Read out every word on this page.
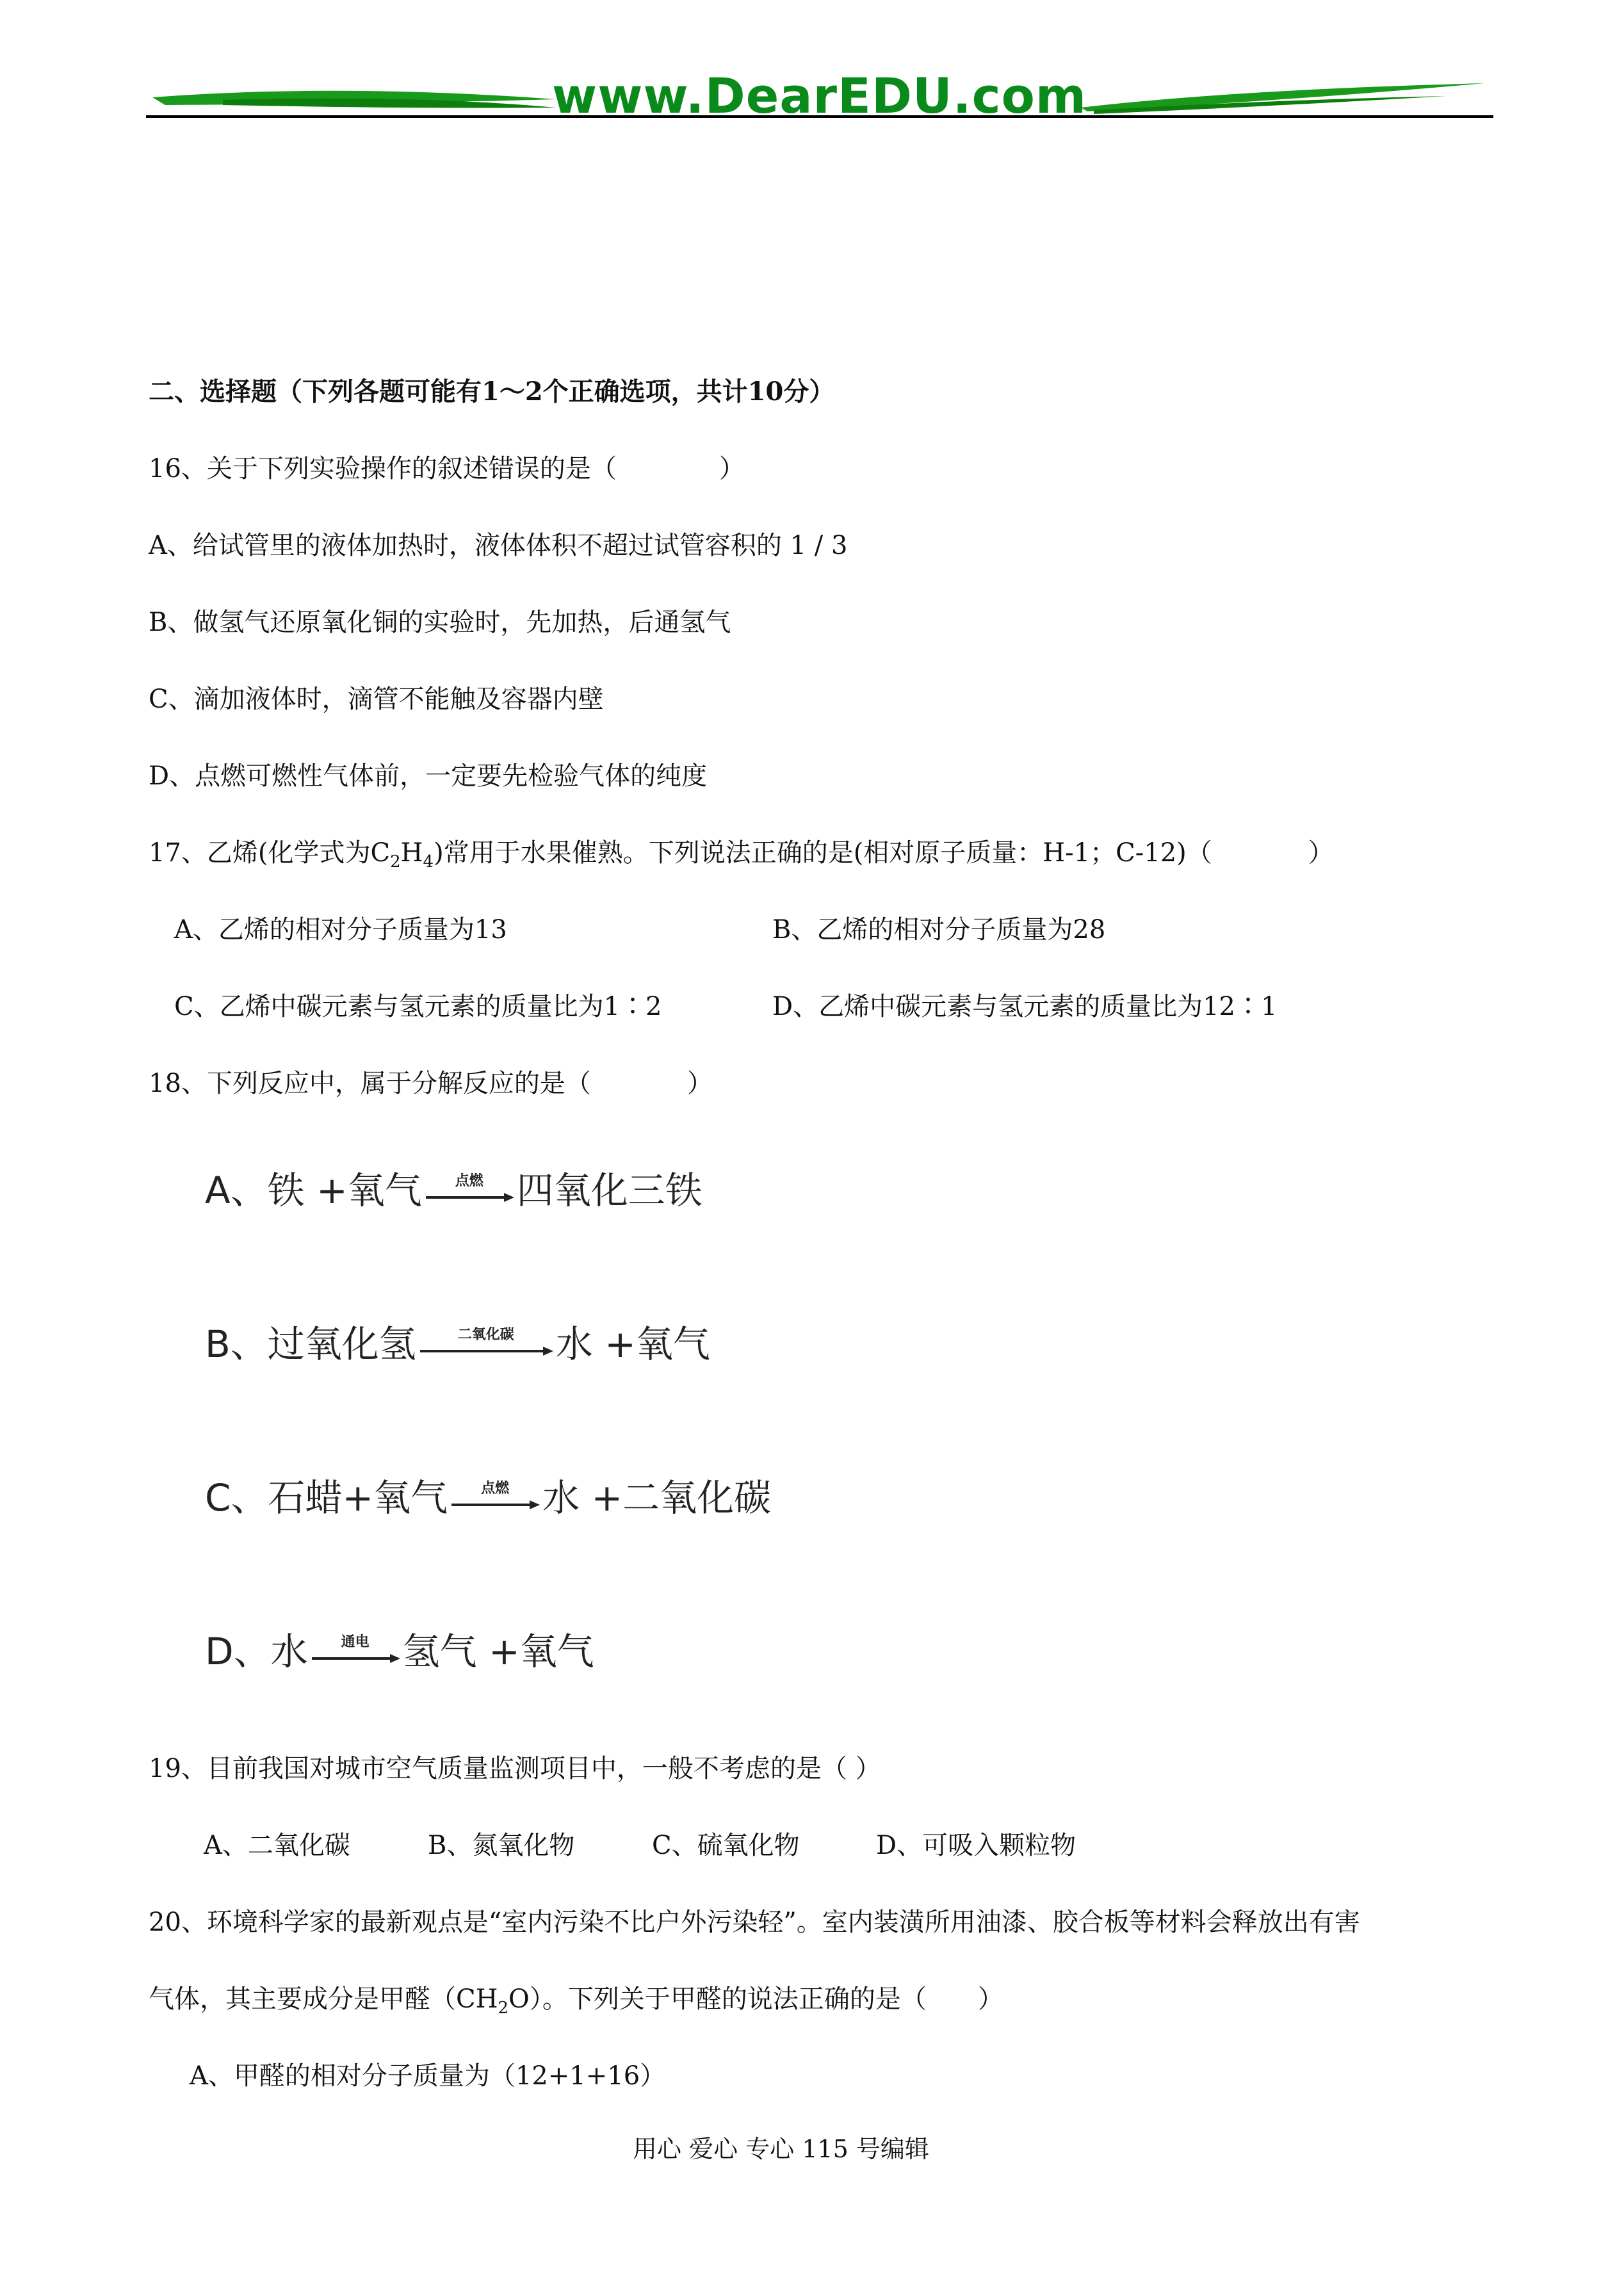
www.DearEDU.com
二、选择题（下列各题可能有1～2个正确选项，共计10分）
16、关于下列实验操作的叙述错误的是（	）
A、给试管里的液体加热时，液体体积不超过试管容积的 1 / 3
B、做氢气还原氧化铜的实验时，先加热，后通氢气
C、滴加液体时，滴管不能触及容器内壁
D、点燃可燃性气体前，一定要先检验气体的纯度
17、乙烯(化学式为$C_2H_4$)常用于水果催熟。下列说法正确的是(相对原子质量：H-1；C-12)（	）
A、乙烯的相对分子质量为13	B、乙烯的相对分子质量为28
C、乙烯中碳元素与氢元素的质量比为1∶2	D、乙烯中碳元素与氢元素的质量比为12∶1
18、下列反应中，属于分解反应的是（	）
A、铁 +氧气	点燃 四氧化三铁
B、过氧化氢	二氧化碳	水 +氧气
C、石蜡+氧气	点燃 水 +二氧化碳
D、水	通电 氢气 +氧气
19、目前我国对城市空气质量监测项目中，一般不考虑的是（ ）
A、二氧化碳	B、氮氧化物	C、硫氧化物	D、可吸入颗粒物
20、环境科学家的最新观点是“室内污染不比户外污染轻”。室内装潢所用油漆、胶合板等材料会释放出有害
气体，其主要成分是甲醛$(CH_2O)$。下列关于甲醛的说法正确的是（ ）
A、甲醛的相对分子质量为（12+1+16）
用心 爱心 专心 115 号编辑
